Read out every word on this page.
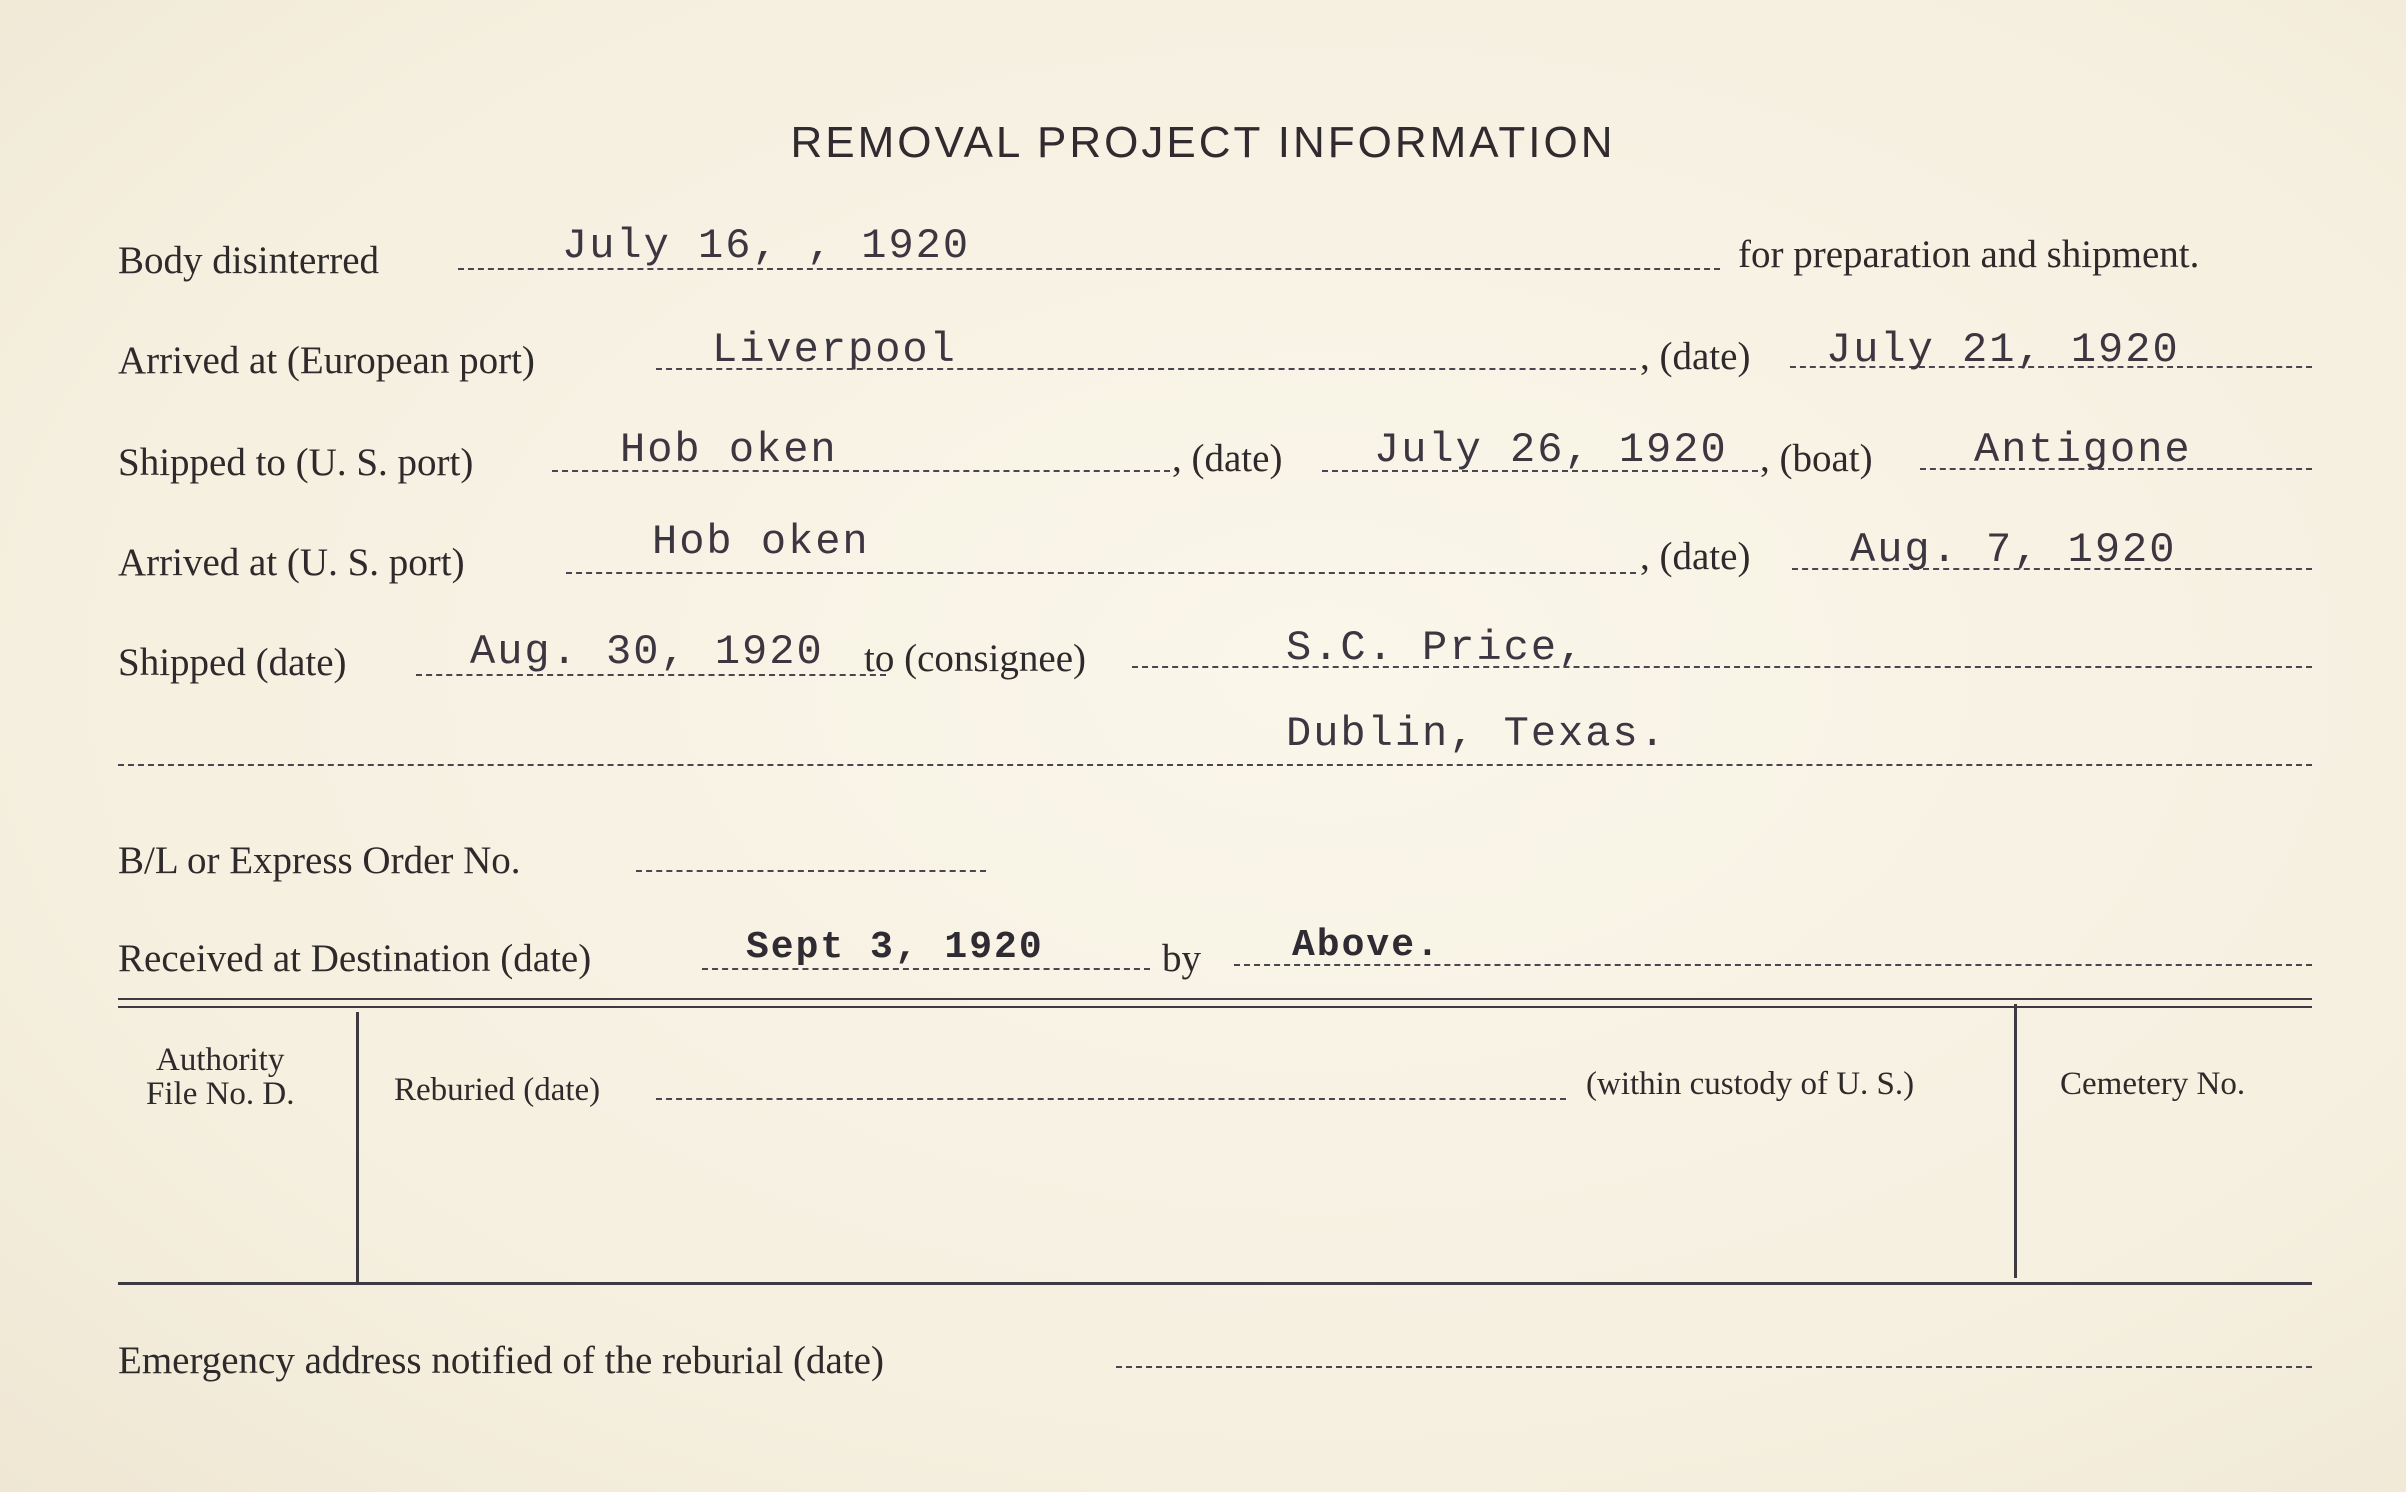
REMOVAL PROJECT INFORMATION
Body disinterred	July 16, , 1920	for preparation and shipment.
Arrived at (European port)	Liverpool	, (date) July 21, 1920
Shipped to (U. S. port)	Hob oken	, (date) July 26, 1920 , (boat) Antigone
Arrived at (U. S. port)	Hob oken	, (date) Aug. 7, 1920
Shipped (date)	Aug. 30, 1920 to (consignee)	S.C. Price,
Dublin, Texas.
B/L or Express Order No.
Received at Destination (date)	Sept 3, 1920	by Above.
Authority
File No. D.	Reburied (date)	(within custody of U. S.)	Cemetery No.
Emergency address notified of the reburial (date)
